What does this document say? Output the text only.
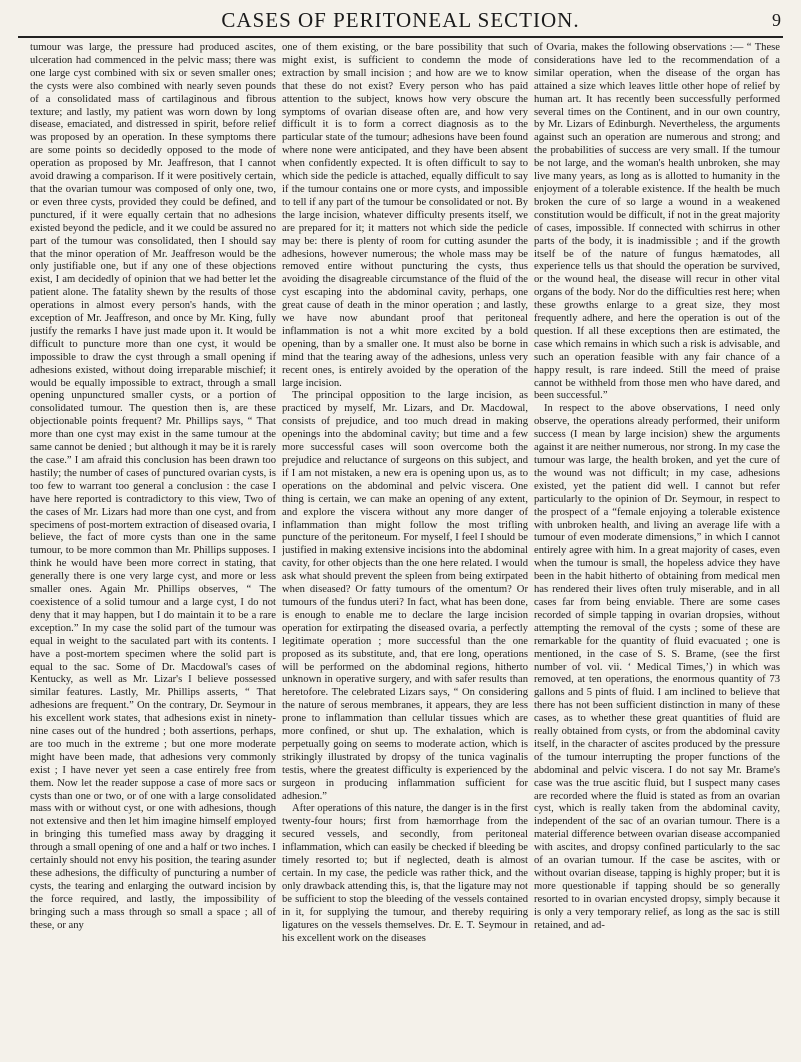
CASES OF PERITONEAL SECTION.	9

tumour was large, the pressure had produced ascites, ulceration had commenced in the pelvic mass; there was one large cyst combined with six or seven smaller ones; the cysts were also combined with nearly seven pounds of a consolidated mass of cartilaginous and fibrous texture; and lastly, my patient was worn down by long disease, emaciated, and distressed in spirit, before relief was proposed by an operation. In these symptoms there are some points so decidedly opposed to the mode of operation as proposed by Mr. Jeaffreson, that I cannot avoid drawing a comparison. If it were positively certain, that the ovarian tumour was composed of only one, two, or even three cysts, provided they could be defined, and punctured, if it were equally certain that no adhesions existed beyond the pedicle, and it we could be assured no part of the tumour was consolidated, then I should say that the minor operation of Mr. Jeaffreson would be the only justifiable one, but if any one of these objections exist, I am decidedly of opinion that we had better let the patient alone. The fatality shewn by the results of those operations in almost every person's hands, with the exception of Mr. Jeaffreson, and once by Mr. King, fully justify the remarks I have just made upon it. It would be difficult to puncture more than one cyst, it would be impossible to draw the cyst through a small opening if adhesions existed, without doing irreparable mischief; it would be equally impossible to extract, through a small opening unpunctured smaller cysts, or a portion of consolidated tumour. The question then is, are these objectionable points frequent? Mr. Phillips says, “ That more than one cyst may exist in the same tumour at the same cannot be denied ; but although it may be it is rarely the case.” I am afraid this conclusion has been drawn too hastily; the number of cases of punctured ovarian cysts, is too few to warrant too general a conclusion : the case I have here reported is contradictory to this view, Two of the cases of Mr. Lizars had more than one cyst, and from specimens of post-mortem extraction of diseased ovaria, I believe, the fact of more cysts than one in the same tumour, to be more common than Mr. Phillips supposes. I think he would have been more correct in stating, that generally there is one very large cyst, and more or less smaller ones. Again Mr. Phillips observes, “ The coexistence of a solid tumour and a large cyst, I do not deny that it may happen, but I do maintain it to be a rare exception.” In my case the solid part of the tumour was equal in weight to the saculated part with its contents. I have a post-mortem specimen where the solid part is equal to the sac. Some of Dr. Macdowal's cases of Kentucky, as well as Mr. Lizar's I believe possessed similar features. Lastly, Mr. Phillips asserts, “ That adhesions are frequent.” On the contrary, Dr. Seymour in his excellent work states, that adhesions exist in ninety-nine cases out of the hundred ; both assertions, perhaps, are too much in the extreme ; but one more moderate might have been made, that adhesions very commonly exist ; I have never yet seen a case entirely free from them. Now let the reader suppose a case of more sacs or cysts than one or two, or of one with a large consolidated mass with or without cyst, or one with adhesions, though not extensive and then let him imagine himself employed in bringing this tumefied mass away by dragging it through a small opening of one and a half or two inches. I certainly should not envy his position, the tearing asunder these adhesions, the difficulty of puncturing a number of cysts, the tearing and enlarging the outward incision by the force required, and lastly, the impossibility of bringing such a mass through so small a space ; all of these, or any

one of them existing, or the bare possibility that such might exist, is sufficient to condemn the mode of extraction by small incision ; and how are we to know that these do not exist? Every person who has paid attention to the subject, knows how very obscure the symptoms of ovarian disease often are, and how very difficult it is to form a correct diagnosis as to the particular state of the tumour; adhesions have been found where none were anticipated, and they have been absent when confidently expected. It is often difficult to say to which side the pedicle is attached, equally difficult to say if the tumour contains one or more cysts, and impossible to tell if any part of the tumour be consolidated or not. By the large incision, whatever difficulty presents itself, we are prepared for it; it matters not which side the pedicle may be: there is plenty of room for cutting asunder the adhesions, however numerous; the whole mass may be removed entire without puncturing the cysts, thus avoiding the disagreable circumstance of the fluid of the cyst escaping into the abdominal cavity, perhaps, one great cause of death in the minor operation ; and lastly, we have now abundant proof that peritoneal inflammation is not a whit more excited by a bold opening, than by a smaller one. It must also be borne in mind that the tearing away of the adhesions, unless very recent ones, is entirely avoided by the operation of the large incision.

The principal opposition to the large incision, as practiced by myself, Mr. Lizars, and Dr. Macdowal, consists of prejudice, and too much dread in making openings into the abdominal cavity; but time and a few more successful cases will soon overcome both the prejudice and reluctance of surgeons on this subject, and if I am not mistaken, a new era is opening upon us, as to operations on the abdominal and pelvic viscera. One thing is certain, we can make an opening of any extent, and explore the viscera without any more danger of inflammation than might follow the most trifling puncture of the peritoneum. For myself, I feel I should be justified in making extensive incisions into the abdominal cavity, for other objects than the one here related. I would ask what should prevent the spleen from being extirpated when diseased? Or fatty tumours of the omentum? Or tumours of the fundus uteri? In fact, what has been done, is enough to enable me to declare the large incision operation for extirpating the diseased ovaria, a perfectly legitimate operation ; more successful than the one proposed as its substitute, and, that ere long, operations will be performed on the abdominal regions, hitherto unknown in operative surgery, and with safer results than heretofore. The celebrated Lizars says, “ On considering the nature of serous membranes, it appears, they are less prone to inflammation than cellular tissues which are more confined, or shut up. The exhalation, which is perpetually going on seems to moderate action, which is strikingly illustrated by dropsy of the tunica vaginalis testis, where the greatest difficulty is experienced by the surgeon in producing inflammation sufficient for adhesion.”

After operations of this nature, the danger is in the first twenty-four hours; first from hæmorrhage from the secured vessels, and secondly, from peritoneal inflammation, which can easily be checked if bleeding be timely resorted to; but if neglected, death is almost certain. In my case, the pedicle was rather thick, and the only drawback attending this, is, that the ligature may not be sufficient to stop the bleeding of the vessels contained in it, for supplying the tumour, and thereby requiring ligatures on the vessels themselves. Dr. E. T. Seymour in his excellent work on the diseases

of Ovaria, makes the following observations :— “ These considerations have led to the recommendation of a similar operation, when the disease of the organ has attained a size which leaves little other hope of relief by human art. It has recently been successfully performed several times on the Continent, and in our own country, by Mr. Lizars of Edinburgh. Nevertheless, the arguments against such an operation are numerous and strong; and the probabilities of success are very small. If the tumour be not large, and the woman's health unbroken, she may live many years, as long as is allotted to humanity in the enjoyment of a tolerable existence. If the health be much broken the cure of so large a wound in a weakened constitution would be difficult, if not in the great majority of cases, impossible. If connected with schirrus in other parts of the body, it is inadmissible ; and if the growth itself be of the nature of fungus hæmatodes, all experience tells us that should the operation be survived, or the wound heal, the disease will recur in other vital organs of the body. Nor do the difficulties rest here; when these growths enlarge to a great size, they most frequently adhere, and here the operation is out of the question. If all these exceptions then are estimated, the case which remains in which such a risk is advisable, and such an operation feasible with any fair chance of a happy result, is rare indeed. Still the meed of praise cannot be withheld from those men who have dared, and been successful.”

In respect to the above observations, I need only observe, the operations already performed, their uniform success (I mean by large incision) shew the arguments against it are neither numerous, nor strong. In my case the tumour was large, the health broken, and yet the cure of the wound was not difficult; in my case, adhesions existed, yet the patient did well. I cannot but refer particularly to the opinion of Dr. Seymour, in respect to the prospect of a “female enjoying a tolerable existence with unbroken health, and living an average life with a tumour of even moderate dimensions,” in which I cannot entirely agree with him. In a great majority of cases, even when the tumour is small, the hopeless advice they have been in the habit hitherto of obtaining from medical men has rendered their lives often truly miserable, and in all cases far from being enviable. There are some cases recorded of simple tapping in ovarian dropsies, without attempting the removal of the cysts ; some of these are remarkable for the quantity of fluid evacuated ; one is mentioned, in the case of S. S. Brame, (see the first number of vol. vii. ‘ Medical Times,’) in which was removed, at ten operations, the enormous quantity of 73 gallons and 5 pints of fluid. I am inclined to believe that there has not been sufficient distinction in many of these cases, as to whether these great quantities of fluid are really obtained from cysts, or from the abdominal cavity itself, in the character of ascites produced by the pressure of the tumour interrupting the proper functions of the abdominal and pelvic viscera. I do not say Mr. Brame's case was the true ascitic fluid, but I suspect many cases are recorded where the fluid is stated as from an ovarian cyst, which is really taken from the abdominal cavity, independent of the sac of an ovarian tumour. There is a material difference between ovarian disease accompanied with ascites, and dropsy confined particularly to the sac of an ovarian tumour. If the case be ascites, with or without ovarian disease, tapping is highly proper; but it is more questionable if tapping should be so generally resorted to in ovarian encysted dropsy, simply because it is only a very temporary relief, as long as the sac is still retained, and ad-
